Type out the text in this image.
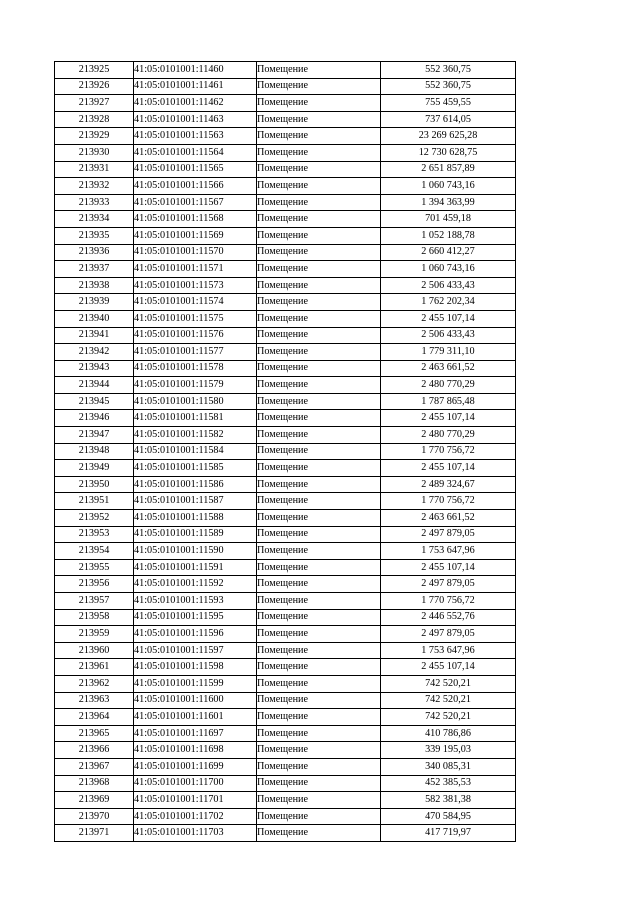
213925	41:05:0101001:11460	Помещение	552 360,75
213926	41:05:0101001:11461	Помещение	552 360,75
213927	41:05:0101001:11462	Помещение	755 459,55
213928	41:05:0101001:11463	Помещение	737 614,05
213929	41:05:0101001:11563	Помещение	23 269 625,28
213930	41:05:0101001:11564	Помещение	12 730 628,75
213931	41:05:0101001:11565	Помещение	2 651 857,89
213932	41:05:0101001:11566	Помещение	1 060 743,16
213933	41:05:0101001:11567	Помещение	1 394 363,99
213934	41:05:0101001:11568	Помещение	701 459,18
213935	41:05:0101001:11569	Помещение	1 052 188,78
213936	41:05:0101001:11570	Помещение	2 660 412,27
213937	41:05:0101001:11571	Помещение	1 060 743,16
213938	41:05:0101001:11573	Помещение	2 506 433,43
213939	41:05:0101001:11574	Помещение	1 762 202,34
213940	41:05:0101001:11575	Помещение	2 455 107,14
213941	41:05:0101001:11576	Помещение	2 506 433,43
213942	41:05:0101001:11577	Помещение	1 779 311,10
213943	41:05:0101001:11578	Помещение	2 463 661,52
213944	41:05:0101001:11579	Помещение	2 480 770,29
213945	41:05:0101001:11580	Помещение	1 787 865,48
213946	41:05:0101001:11581	Помещение	2 455 107,14
213947	41:05:0101001:11582	Помещение	2 480 770,29
213948	41:05:0101001:11584	Помещение	1 770 756,72
213949	41:05:0101001:11585	Помещение	2 455 107,14
213950	41:05:0101001:11586	Помещение	2 489 324,67
213951	41:05:0101001:11587	Помещение	1 770 756,72
213952	41:05:0101001:11588	Помещение	2 463 661,52
213953	41:05:0101001:11589	Помещение	2 497 879,05
213954	41:05:0101001:11590	Помещение	1 753 647,96
213955	41:05:0101001:11591	Помещение	2 455 107,14
213956	41:05:0101001:11592	Помещение	2 497 879,05
213957	41:05:0101001:11593	Помещение	1 770 756,72
213958	41:05:0101001:11595	Помещение	2 446 552,76
213959	41:05:0101001:11596	Помещение	2 497 879,05
213960	41:05:0101001:11597	Помещение	1 753 647,96
213961	41:05:0101001:11598	Помещение	2 455 107,14
213962	41:05:0101001:11599	Помещение	742 520,21
213963	41:05:0101001:11600	Помещение	742 520,21
213964	41:05:0101001:11601	Помещение	742 520,21
213965	41:05:0101001:11697	Помещение	410 786,86
213966	41:05:0101001:11698	Помещение	339 195,03
213967	41:05:0101001:11699	Помещение	340 085,31
213968	41:05:0101001:11700	Помещение	452 385,53
213969	41:05:0101001:11701	Помещение	582 381,38
213970	41:05:0101001:11702	Помещение	470 584,95
213971	41:05:0101001:11703	Помещение	417 719,97
